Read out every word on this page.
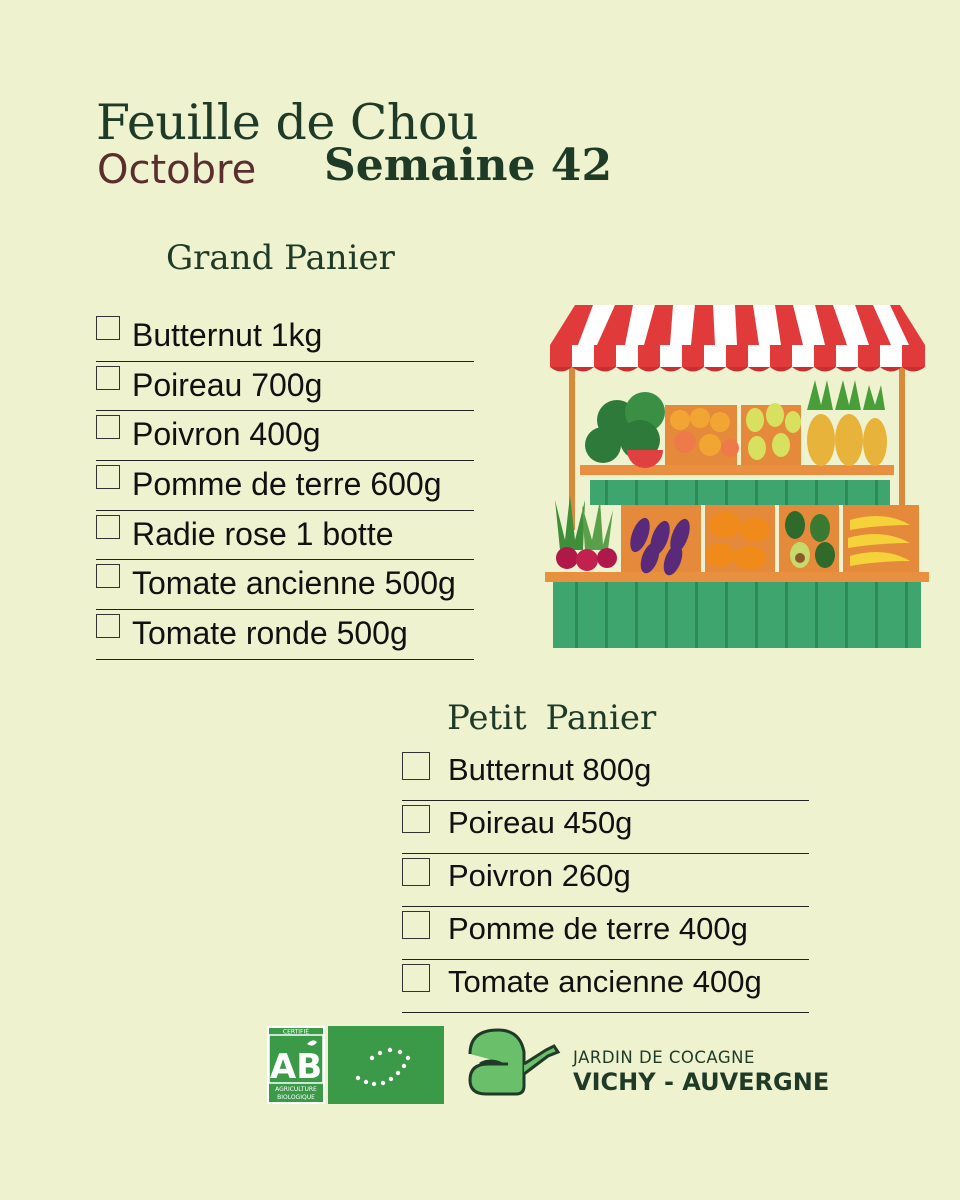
Feuille de Chou
Octobre Semaine 42
Grand Panier
Butternut 1kg
Poireau 700g
Poivron 400g
Pomme de terre 600g
Radie rose 1 botte
Tomate ancienne 500g
Tomate ronde 500g
Petit Panier
Butternut 800g
Poireau 450g
Poivron 260g
Pomme de terre 400g
Tomate ancienne 400g
CERTIFIÉ
AB
AGRICULTURE
BIOLOGIQUE
JARDIN DE COCAGNE
VICHY - AUVERGNE
